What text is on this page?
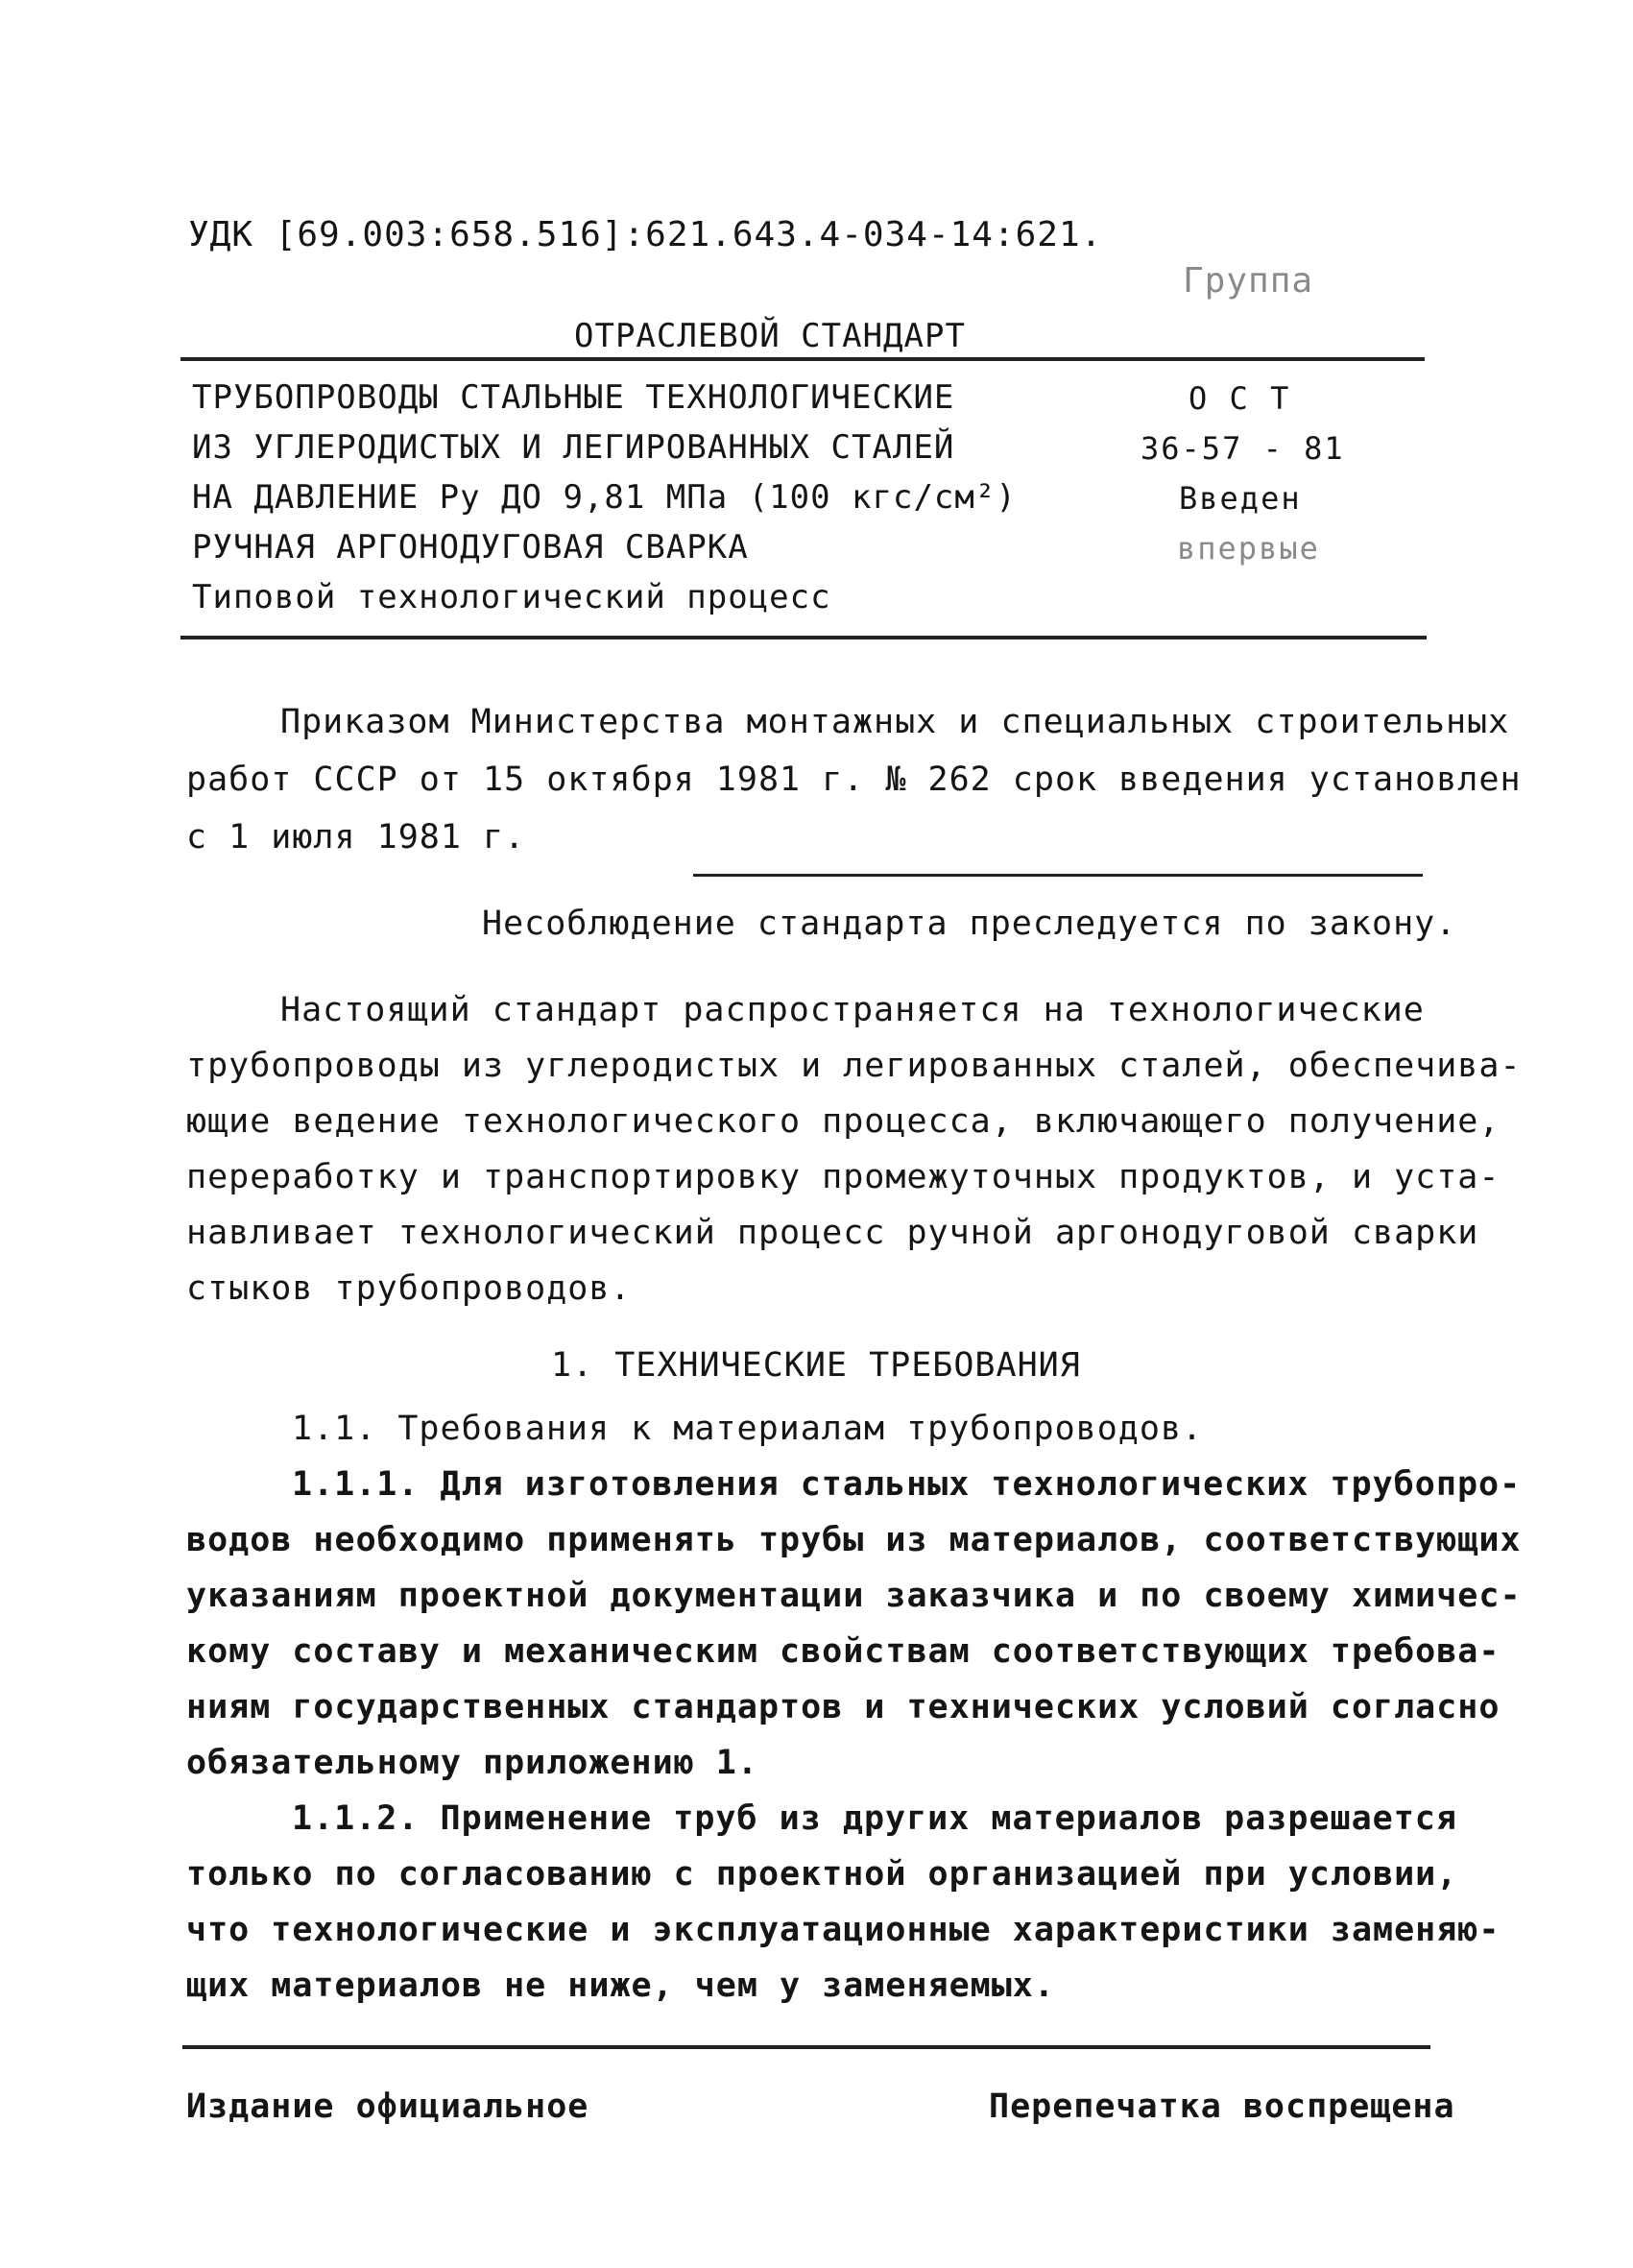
УДК [69.003:658.516]:621.643.4-034-14:621.
Группа
ОТРАСЛЕВОЙ СТАНДАРТ
ТРУБОПРОВОДЫ СТАЛЬНЫЕ ТЕХНОЛОГИЧЕСКИЕ
ИЗ УГЛЕРОДИСТЫХ И ЛЕГИРОВАННЫХ СТАЛЕЙ
НА ДАВЛЕНИЕ Pу ДО 9,81 МПа (100 кгс/см²)
РУЧНАЯ АРГОНОДУГОВАЯ СВАРКА
Типовой технологический процесс
О С Т
36-57 - 81
Введен
впервые
Приказом Министерства монтажных и специальных строительных
работ СССР от 15 октября 1981 г. № 262 срок введения установлен
с 1 июля 1981 г.
Несоблюдение стандарта преследуется по закону.
Настоящий стандарт распространяется на технологические
трубопроводы из углеродистых и легированных сталей, обеспечива-
ющие ведение технологического процесса, включающего получение,
переработку и транспортировку промежуточных продуктов, и уста-
навливает технологический процесс ручной аргонодуговой сварки
стыков трубопроводов.
1. ТЕХНИЧЕСКИЕ ТРЕБОВАНИЯ
1.1. Требования к материалам трубопроводов.
1.1.1. Для изготовления стальных технологических трубопро-
водов необходимо применять трубы из материалов, соответствующих
указаниям проектной документации заказчика и по своему химичес-
кому составу и механическим свойствам соответствующих требова-
ниям государственных стандартов и технических условий согласно
обязательному приложению 1.
1.1.2. Применение труб из других материалов разрешается
только по согласованию с проектной организацией при условии,
что технологические и эксплуатационные характеристики заменяю-
щих материалов не ниже, чем у заменяемых.
Издание официальное	Перепечатка воспрещена
